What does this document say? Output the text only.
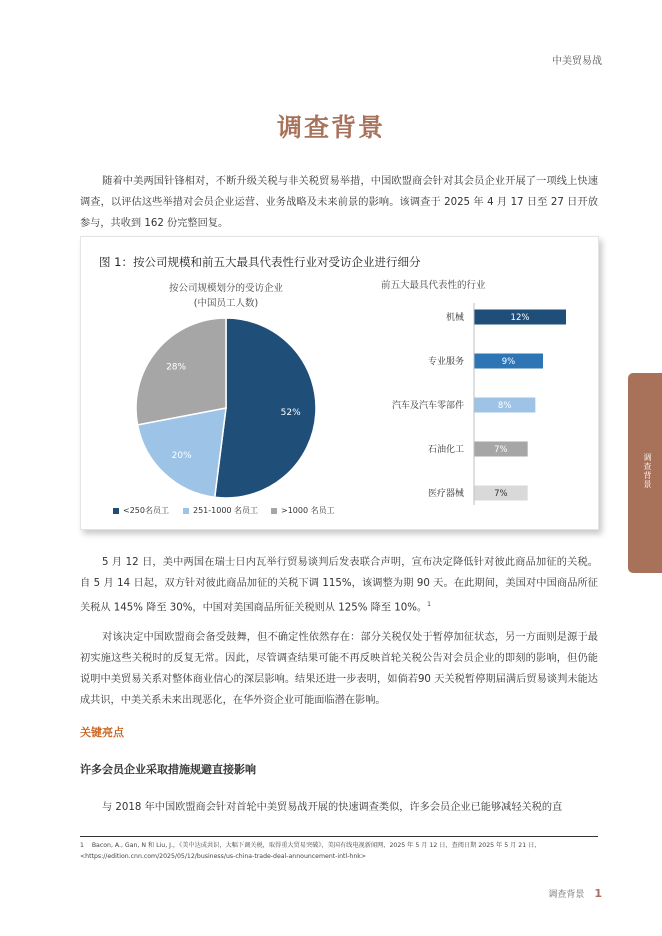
中美贸易战
调查背景
随着中美两国针锋相对，不断升级关税与非关税贸易举措，中国欧盟商会针对其会员企业开展了一项线上快速调查，以评估这些举措对会员企业运营、业务战略及未来前景的影响。该调查于 2025 年 4 月 17 日至 27 日开放参与，共收到 162 份完整回复。
图 1：按公司规模和前五大最具代表性行业对受访企业进行细分
按公司规模划分的受访企业
(中国员工人数)
前五大最具代表性的行业
52%
20%
28%
12%
机械
9%
专业服务
8%
汽车及汽车零部件
7%
石油化工
7%
医疗器械
<250名员工	251-1000 名员工	>1000 名员工
调查背景
5 月 12 日，美中两国在瑞士日内瓦举行贸易谈判后发表联合声明，宣布决定降低针对彼此商品加征的关税。自 5 月 14 日起，双方针对彼此商品加征的关税下调 115%，该调整为期 90 天。在此期间，美国对中国商品所征关税从 145% 降至 30%，中国对美国商品所征关税则从 125% 降至 10%。$^1$
对该决定中国欧盟商会备受鼓舞，但不确定性依然存在：部分关税仅处于暂停加征状态，另一方面则是源于最初实施这些关税时的反复无常。因此，尽管调查结果可能不再反映首轮关税公告对会员企业的即刻的影响，但仍能说明中美贸易关系对整体商业信心的深层影响。结果还进一步表明，如倘若90 天关税暂停期届满后贸易谈判未能达成共识，中美关系未来出现恶化，在华外资企业可能面临潜在影响。
关键亮点
许多会员企业采取措施规避直接影响
与 2018 年中国欧盟商会针对首轮中美贸易战开展的快速调查类似，许多会员企业已能够减轻关税的直
1 Bacon, A., Gan, N 和 Liu, J.，《美中达成共识，大幅下调关税，取得重大贸易突破》，美国有线电视新闻网，2025 年 5 月 12 日，查阅日期 2025 年 5 月 21 日，<https://edition.cnn.com/2025/05/12/business/us-china-trade-deal-announcement-intl-hnk>
调查背景 1
